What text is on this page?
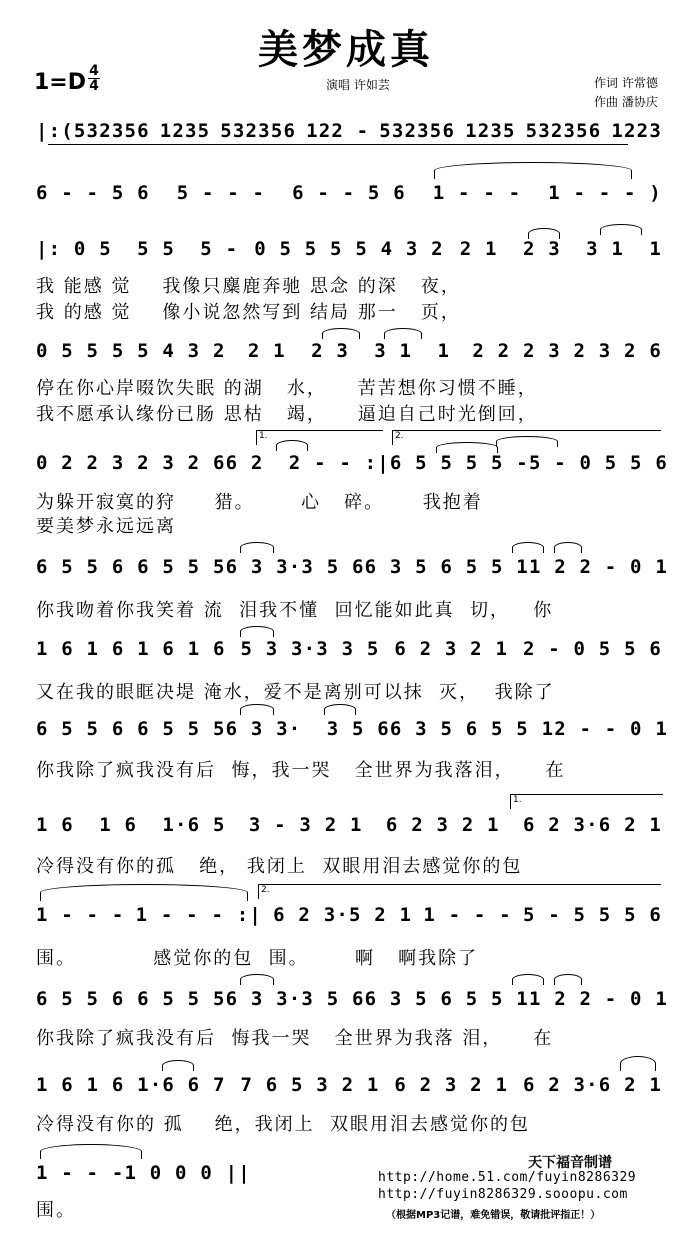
美梦成真
1=D 4
4	演唱 许如芸	作词 许常德
作曲 潘协庆
|:(532356 1235 532356 122 - 532356 1235 532356 1223
6 - - 5 6 5 - - - 6 - - 5 6 1 - - - 1 - - - )
|: 0 5  5 5  5 - 0 5 5 5 5 4 3 2 2 1  2 3  3 1  1
我 能感 觉    我像只麋鹿奔驰 思念 的深   夜，
我 的感 觉    像小说忽然写到 结局 那一   页，
0 5 5 5 5 4 3 2 2 1  2 3  3 1  1 2 2 2 3 2 3 2 6
停在你心岸啜饮失眠 的湖   水，    苦苦想你习惯不睡，
我不愿承认缘份已肠 思枯   竭，    逼迫自己时光倒回，
1.	2.
0 2 2 3 2 3 2 6 6 2  2 - - :| 6 5 5 5 5 - 5 - 0 5 5 6
为躲开寂寞的狩     猎。      心   碎。     我抱着
要美梦永远远离
6 5 5 6 6 5 5 5 6 3 3·3 5 6 6 3 5 6 5 5 1 1 2 2 - 0 1
你我吻着你我笑着 流  泪我不懂  回忆能如此真  切，   你
1 6 1 6 1 6 1 6 5 3 3·3 3 5 6 2 3 2 1 2 - 0 5 5 6
又在我的眼眶决堤 淹水，爱不是离别可以抹  灭，  我除了
6 5 5 6 6 5 5 5 6 3 3·  3 5 6 6 3 5 6 5 5 1 2 - - 0 1
你我除了疯我没有后  悔，我一哭   全世界为我落泪，    在
1.
1 6  1 6  1·6 5 3 - 3 2 1 6 2 3 2 1 6 2 3·6 2 1
冷得没有你的孤   绝， 我闭上  双眼用泪去感觉你的包
2.
1 - - - 1 - - - :| 6 2 3·5 2 1 1 - - - 5 - 5 5 5 6
围。          感觉你的包  围。      啊   啊我除了
6 5 5 6 6 5 5 5 6 3 3·3 5 6 6 3 5 6 5 5 1 1 2 2 - 0 1
你我除了疯我没有后  悔我一哭   全世界为我落 泪，    在
1 6 1 6 1·6 6 7 7 6 5 3 2 1 6 2 3 2 1 6 2 3·6 2 1
冷得没有你的 孤    绝，我闭上  双眼用泪去感觉你的包
1 - - - 1 0 0 0 ||
围。
天下福音制谱
http://home.51.com/fuyin8286329
http://fuyin8286329.sooopu.com
（根据MP3记谱，难免错误，敬请批评指正！）
